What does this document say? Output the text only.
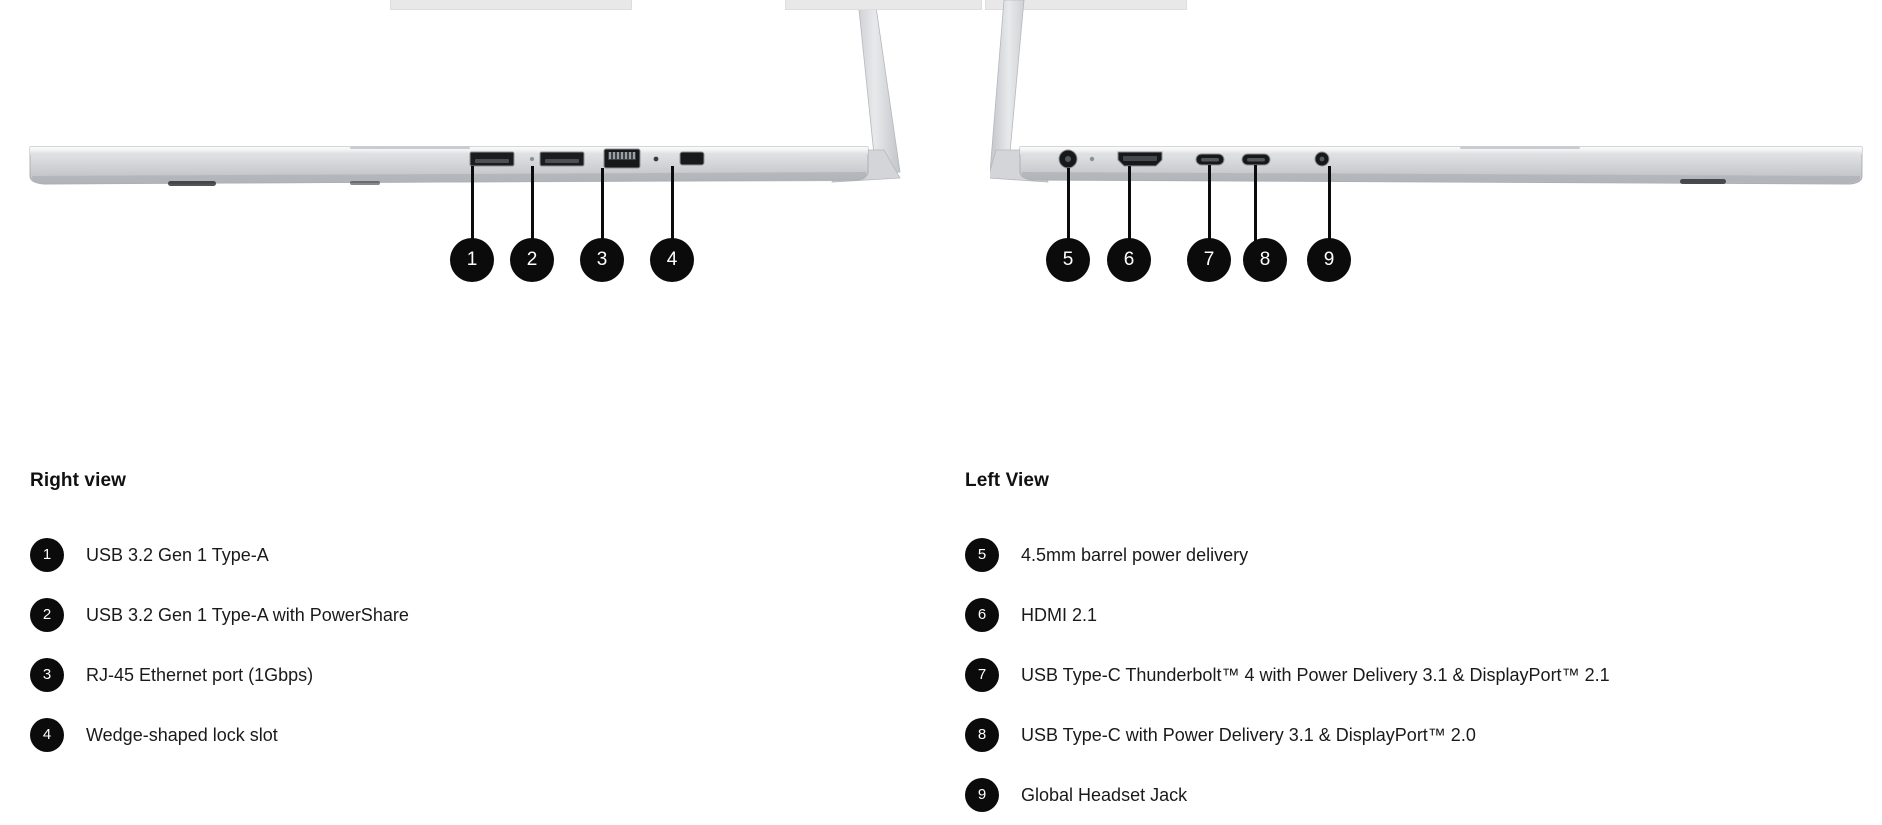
1	2	3	4	5	6	7	8	9
Right view
1	USB 3.2 Gen 1 Type-A
2	USB 3.2 Gen 1 Type-A with PowerShare
3	RJ-45 Ethernet port (1Gbps)
4	Wedge-shaped lock slot
Left View
5	4.5mm barrel power delivery
6	HDMI 2.1
7	USB Type-C Thunderbolt™ 4 with Power Delivery 3.1 & DisplayPort™ 2.1
8	USB Type-C with Power Delivery 3.1 & DisplayPort™ 2.0
9	Global Headset Jack
